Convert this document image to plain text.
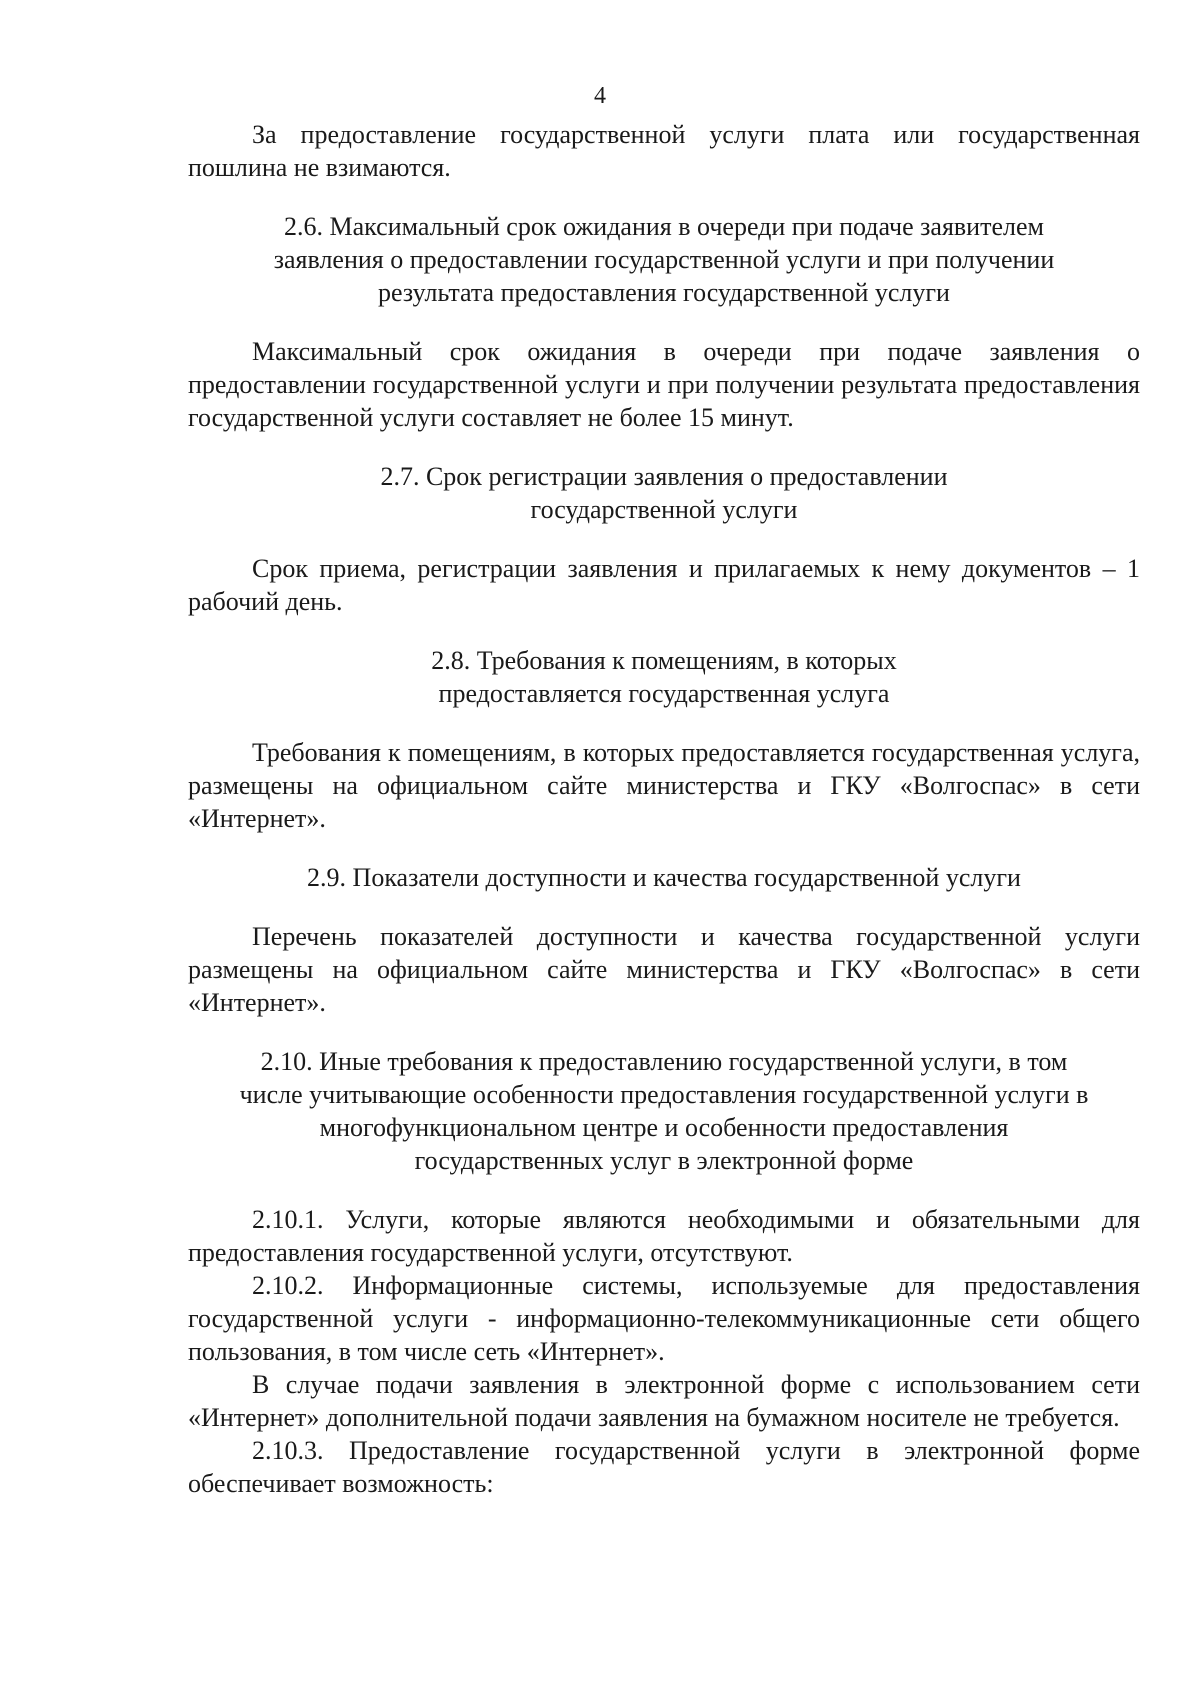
4

За предоставление государственной услуги плата или государственная пошлина не взимаются.

2.6. Максимальный срок ожидания в очереди при подаче заявителем заявления о предоставлении государственной услуги и при получении результата предоставления государственной услуги

Максимальный срок ожидания в очереди при подаче заявления о предоставлении государственной услуги и при получении результата предоставления государственной услуги составляет не более 15 минут.

2.7. Срок регистрации заявления о предоставлении государственной услуги

Срок приема, регистрации заявления и прилагаемых к нему документов – 1 рабочий день.

2.8. Требования к помещениям, в которых предоставляется государственная услуга

Требования к помещениям, в которых предоставляется государственная услуга, размещены на официальном сайте министерства и ГКУ «Волгоспас» в сети «Интернет».

2.9. Показатели доступности и качества государственной услуги

Перечень показателей доступности и качества государственной услуги размещены на официальном сайте министерства и ГКУ «Волгоспас» в сети «Интернет».

2.10. Иные требования к предоставлению государственной услуги, в том числе учитывающие особенности предоставления государственной услуги в многофункциональном центре и особенности предоставления государственных услуг в электронной форме

2.10.1. Услуги, которые являются необходимыми и обязательными для предоставления государственной услуги, отсутствуют.

2.10.2. Информационные системы, используемые для предоставления государственной услуги - информационно-телекоммуникационные сети общего пользования, в том числе сеть «Интернет».

В случае подачи заявления в электронной форме с использованием сети «Интернет» дополнительной подачи заявления на бумажном носителе не требуется.

2.10.3. Предоставление государственной услуги в электронной форме обеспечивает возможность:
